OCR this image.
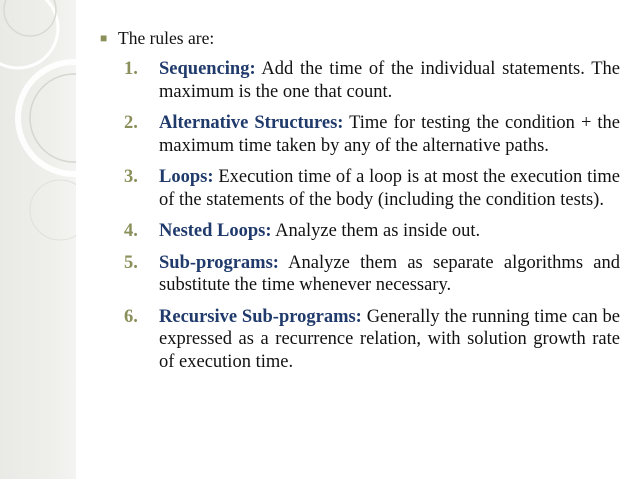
■ The rules are:
1. Sequencing: Add the time of the individual statements. The maximum is the one that count.
2. Alternative Structures: Time for testing the condition + the maximum time taken by any of the alternative paths.
3. Loops: Execution time of a loop is at most the execution time of the statements of the body (including the condition tests).
4. Nested Loops: Analyze them as inside out.
5. Sub-programs: Analyze them as separate algorithms and substitute the time whenever necessary.
6. Recursive Sub-programs: Generally the running time can be expressed as a recurrence relation, with solution growth rate of execution time.
